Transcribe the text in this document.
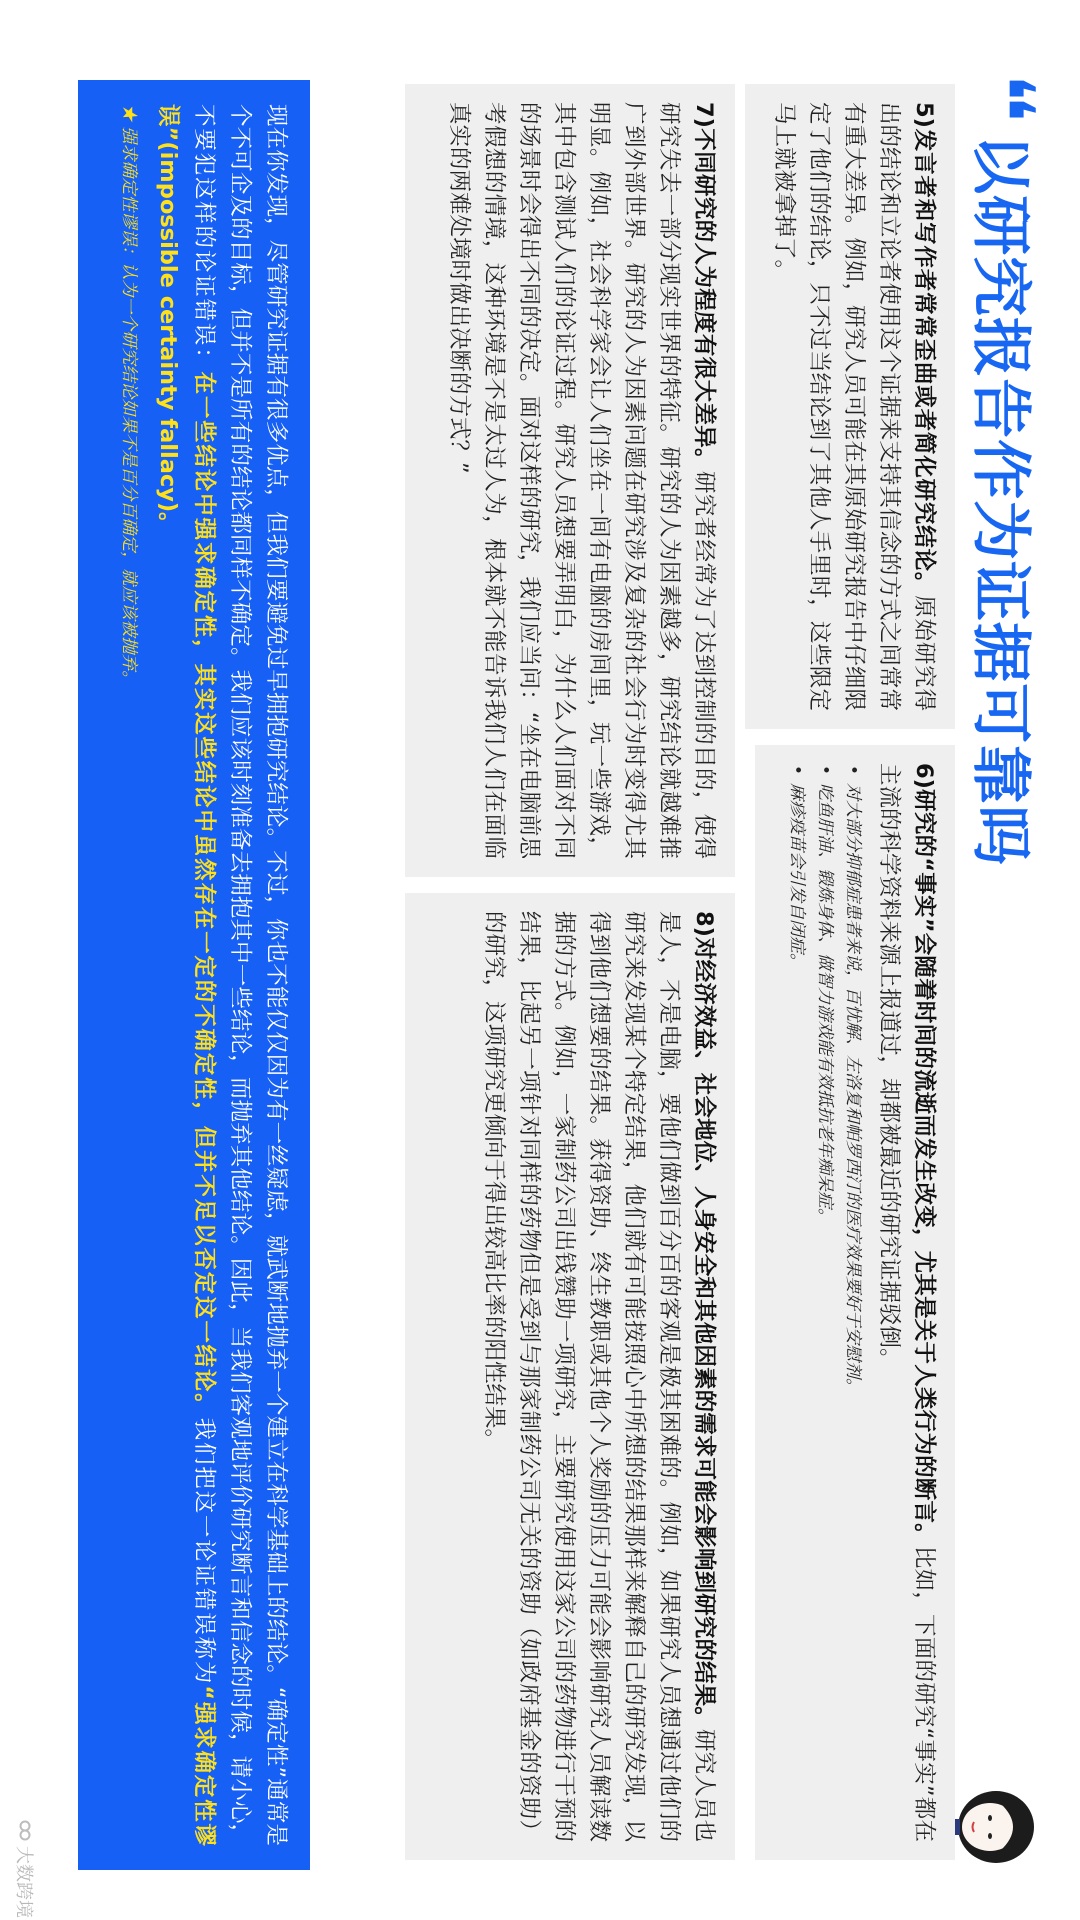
❛❛
以研究报告作为证据可靠吗
5)发言者和写作者常常歪曲或者简化研究结论。原始研究得出的结论和立论者使用这个证据来支持其信念的方式之间常常有重大差异。例如，研究人员可能在其原始研究报告中仔细限定了他们的结论，只不过当结论到了其他人手里时，这些限定马上就被拿掉了。
6)研究的“事实”会随着时间的流逝而发生改变，尤其是关于人类行为的断言。比如，下面的研究“事实”都在主流的科学资料来源上报道过，却都被最近的研究证据驳倒。
• 对大部分抑郁症患者来说，百忧解、左洛复和帕罗西汀的医疗效果要好于安慰剂。
• 吃鱼肝油、锻炼身体、做智力游戏能有效抵抗老年痴呆症。
• 麻疹疫苗会引发自闭症。
7)不同研究的人为程度有很大差异。研究者经常为了达到控制的目的，使得研究失去一部分现实世界的特征。研究的人为因素越多，研究结论就越难推广到外部世界。研究的人为因素问题在研究涉及复杂的社会行为时变得尤其明显。例如，社会科学家会让人们坐在一间有电脑的房间里，玩一些游戏，其中包含测试人们的论证过程。研究人员想要弄明白，为什么人们面对不同的场景时会得出不同的决定。面对这样的研究，我们应当问：“坐在电脑前思考假想的情境，这种环境是不是太过人为，根本就不能告诉我们人们在面临真实的两难处境时做出决断的方式？”
8)对经济效益、社会地位、人身安全和其他因素的需求可能会影响到研究的结果。研究人员也是人，不是电脑，要他们做到百分百的客观是极其困难的。例如，如果研究人员想通过他们的研究来发现某个特定结果，他们就有可能按照心中所想的结果那样来解释自己的研究发现，以得到他们想要的结果。获得资助、终生教职或其他个人奖励的压力可能会影响研究人员解读数据的方式。例如，一家制药公司出钱赞助一项研究，主要研究使用这家公司的药物进行干预的结果，比起另一项针对同样的药物但是受到与那家制药公司无关的资助（如政府基金的资助）的研究，这项研究更倾向于得出较高比率的阳性结果。
现在你发现，尽管研究证据有很多优点，但我们要避免过早拥抱研究结论。不过，你也不能仅仅因为有一丝疑虑，就武断地抛弃一个建立在科学基础上的结论。“确定性”通常是个不可企及的目标，但并不是所有的结论都同样不确定。我们应该时刻准备去拥抱其中一些结论，而抛弃其他结论。因此，当我们客观地评价研究断言和信念的时候，请小心，不要犯这样的论证错误：在一些结论中强求确定性，其实这些结论中虽然存在一定的不确定性，但并不足以否定这一结论。我们把这一论证错误称为“强求确定性谬误”(impossible certainty fallacy)。
★ 强求确定性谬误：认为一个研究结论如果不是百分百确定，就应该被抛弃。
大数跨境
